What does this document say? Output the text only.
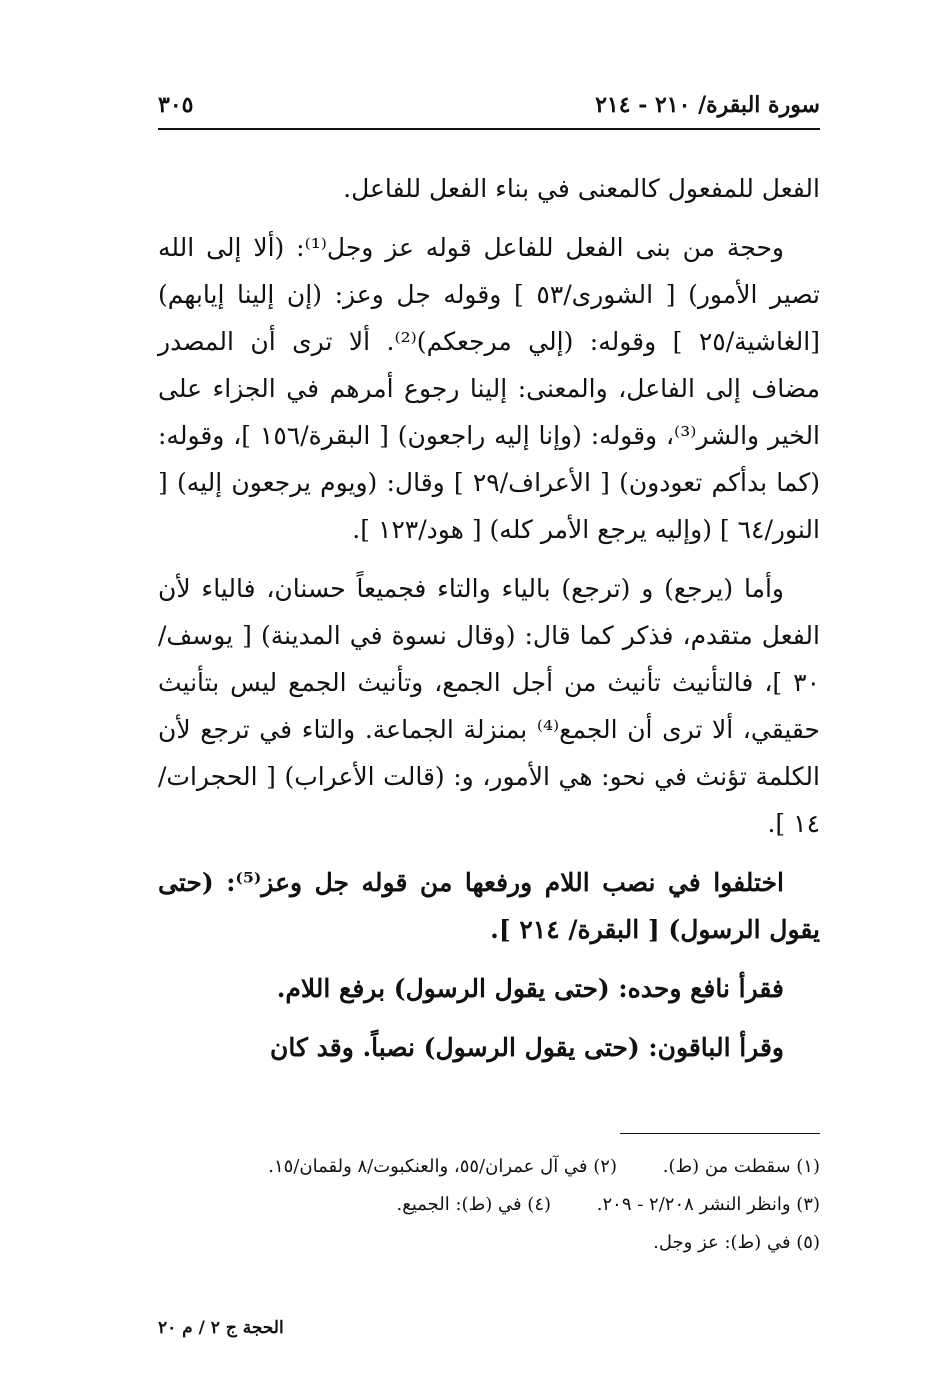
سورة البقرة/ ٢١٠ - ٢١٤
٣٠٥

الفعل للمفعول كالمعنى في بناء الفعل للفاعل.

وحجة من بنى الفعل للفاعل قوله عز وجل⁽¹⁾: (ألا إلى الله تصير الأمور) [ الشورى/٥٣ ] وقوله جل وعز: (إن إلينا إيابهم) [الغاشية/٢٥ ] وقوله: (إلي مرجعكم)⁽²⁾. ألا ترى أن المصدر مضاف إلى الفاعل، والمعنى: إلينا رجوع أمرهم في الجزاء على الخير والشر⁽³⁾، وقوله: (وإنا إليه راجعون) [ البقرة/١٥٦ ]، وقوله: (كما بدأكم تعودون) [ الأعراف/٢٩ ] وقال: (ويوم يرجعون إليه) [ النور/٦٤ ] (وإليه يرجع الأمر كله) [ هود/١٢٣ ].

وأما (يرجع) و (ترجع) بالياء والتاء فجميعاً حسنان، فالياء لأن الفعل متقدم، فذكر كما قال: (وقال نسوة في المدينة) [ يوسف/٣٠ ]، فالتأنيث تأنيث من أجل الجمع، وتأنيث الجمع ليس بتأنيث حقيقي، ألا ترى أن الجمع⁽⁴⁾ بمنزلة الجماعة. والتاء في ترجع لأن الكلمة تؤنث في نحو: هي الأمور، و: (قالت الأعراب) [ الحجرات/١٤ ].

اختلفوا في نصب اللام ورفعها من قوله جل وعز⁽⁵⁾: (حتى يقول الرسول) [ البقرة/ ٢١٤ ].

فقرأ نافع وحده: (حتى يقول الرسول) برفع اللام.

وقرأ الباقون: (حتى يقول الرسول) نصباً. وقد كان

(١) سقطت من (ط). (٢) في آل عمران/٥٥، والعنكبوت/٨ ولقمان/١٥.
(٣) وانظر النشر ٢/٢٠٨ - ٢٠٩. (٤) في (ط): الجميع.
(٥) في (ط): عز وجل.
الحجة ج ٢ / م ٢٠
